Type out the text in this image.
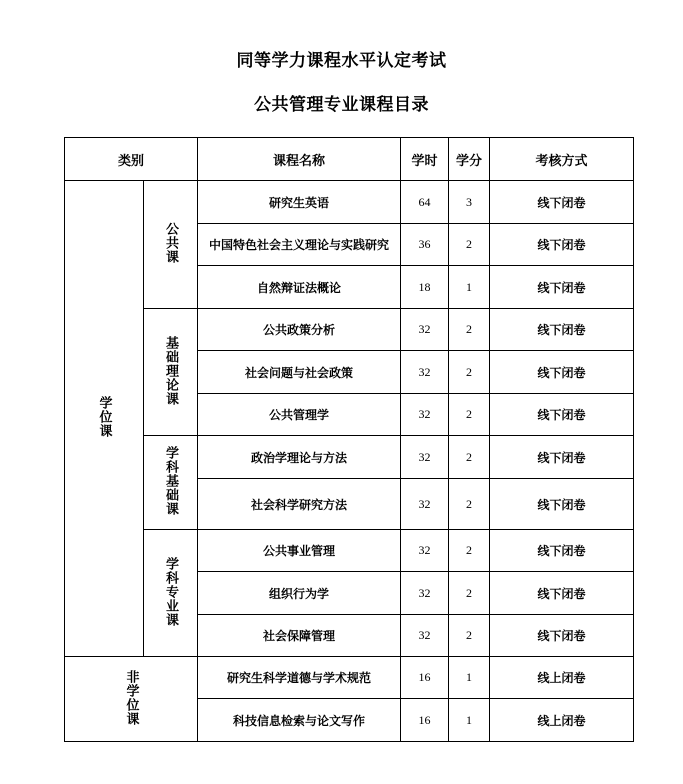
同等学力课程水平认定考试
公共管理专业课程目录
类别		课程名称	学时	学分	考核方式
学位课	公共课	研究生英语	64	3	线下闭卷
		中国特色社会主义理论与实践研究	36	2	线下闭卷
		自然辩证法概论	18	1	线下闭卷
	基础理论课	公共政策分析	32	2	线下闭卷
		社会问题与社会政策	32	2	线下闭卷
		公共管理学	32	2	线下闭卷
	学科基础课	政治学理论与方法	32	2	线下闭卷
		社会科学研究方法	32	2	线下闭卷
	学科专业课	公共事业管理	32	2	线下闭卷
		组织行为学	32	2	线下闭卷
		社会保障管理	32	2	线下闭卷
非学位课		研究生科学道德与学术规范	16	1	线上闭卷
		科技信息检索与论文写作	16	1	线上闭卷
